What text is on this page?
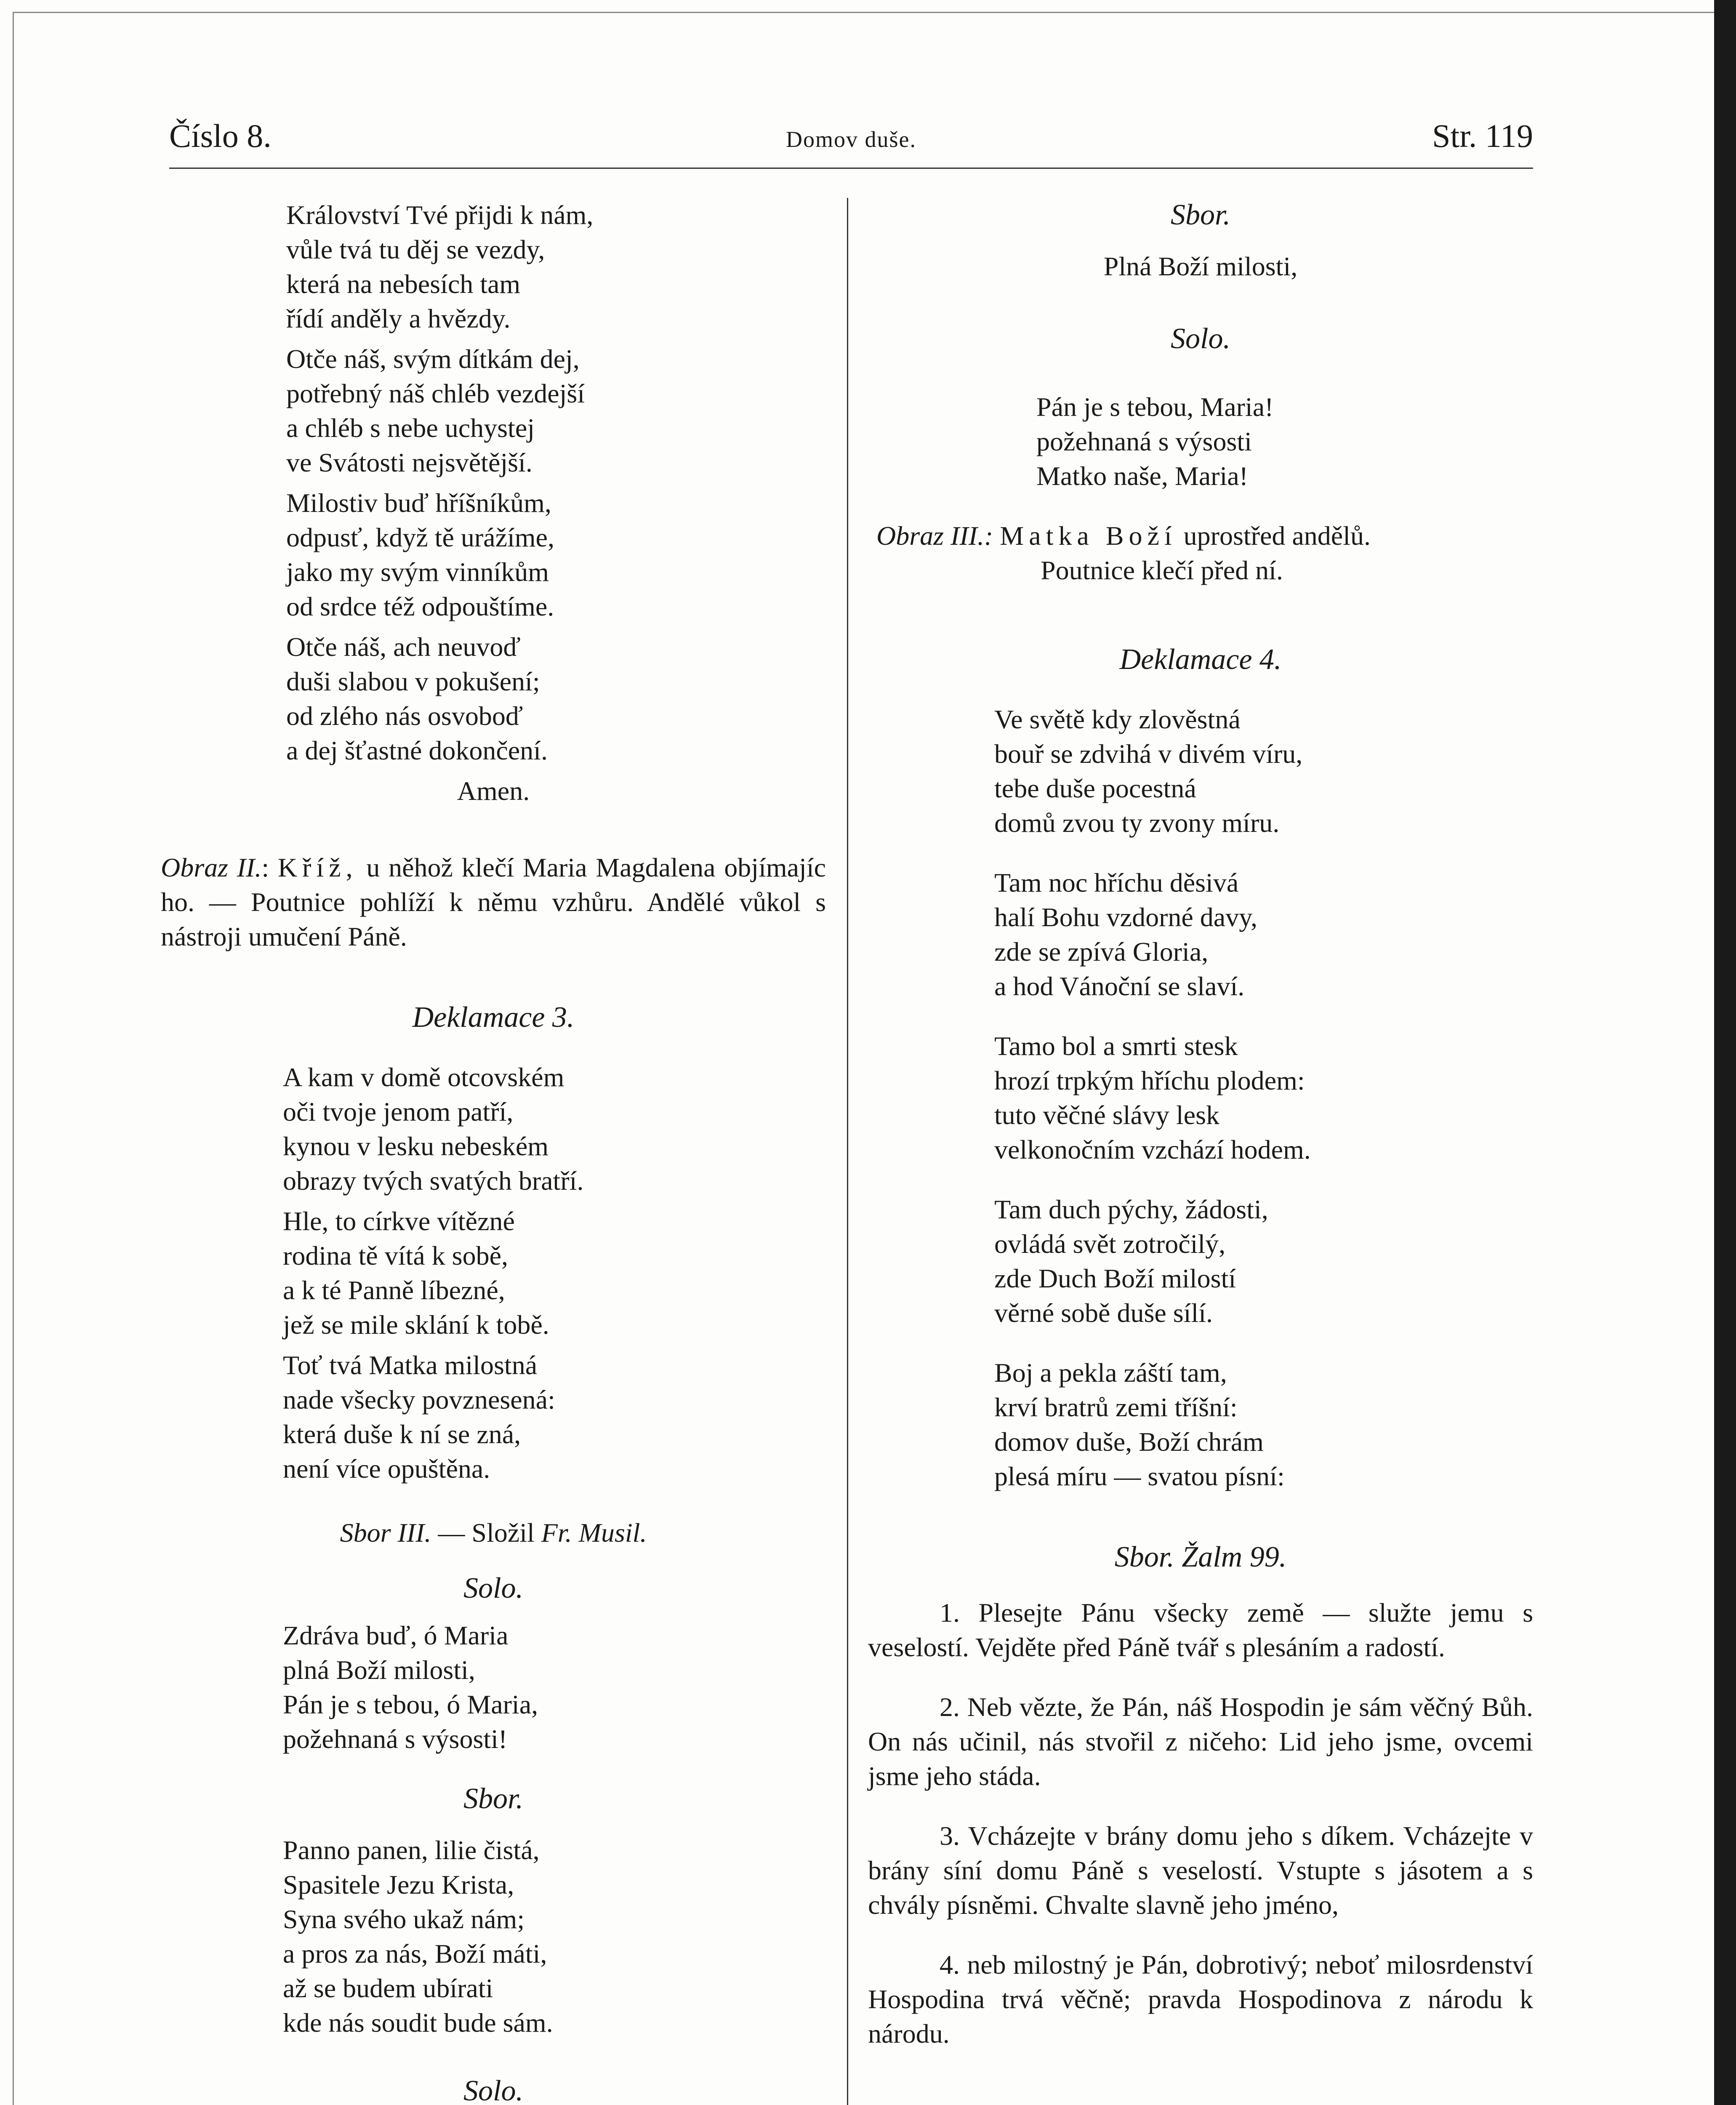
Číslo 8.	Domov duše.	Str. 119
Království Tvé přijdi k nám,
vůle tvá tu děj se vezdy,
která na nebesích tam
řídí anděly a hvězdy.
Otče náš, svým dítkám dej,
potřebný náš chléb vezdejší
a chléb s nebe uchystej
ve Svátosti nejsvětější.
Milostiv buď hříšníkům,
odpusť, když tě urážíme,
jako my svým vinníkům
od srdce též odpouštíme.
Otče náš, ach neuvoď
duši slabou v pokušení;
od zlého nás osvoboď
a dej šťastné dokončení.
Amen.
Obraz II.: Kříž, u něhož klečí Maria Magdalena objímajíc ho. — Poutnice pohlíží k němu vzhůru. Andělé vůkol s nástroji umučení Páně.
Deklamace 3.
A kam v domě otcovském
oči tvoje jenom patří,
kynou v lesku nebeském
obrazy tvých svatých bratří.
Hle, to církve vítězné
rodina tě vítá k sobě,
a k té Panně líbezné,
jež se mile sklání k tobě.
Toť tvá Matka milostná
nade všecky povznesená:
která duše k ní se zná,
není více opuštěna.
Sbor III. — Složil Fr. Musil.
Solo.
Zdráva buď, ó Maria
plná Boží milosti,
Pán je s tebou, ó Maria,
požehnaná s výsosti!
Sbor.
Panno panen, lilie čistá,
Spasitele Jezu Krista,
Syna svého ukaž nám;
a pros za nás, Boží máti,
až se budem ubírati
kde nás soudit bude sám.
Solo.
Sbor.
Plná Boží milosti,
Solo.
Pán je s tebou, Maria!
požehnaná s výsosti
Matko naše, Maria!
Obraz III.: Matka Boží uprostřed andělů.
Poutnice klečí před ní.
Deklamace 4.
Ve světě kdy zlověstná
bouř se zdvihá v divém víru,
tebe duše pocestná
domů zvou ty zvony míru.
Tam noc hříchu děsivá
halí Bohu vzdorné davy,
zde se zpívá Gloria,
a hod Vánoční se slaví.
Tamo bol a smrti stesk
hrozí trpkým hříchu plodem:
tuto věčné slávy lesk
velkonočním vzchází hodem.
Tam duch pýchy, žádosti,
ovládá svět zotročilý,
zde Duch Boží milostí
věrné sobě duše sílí.
Boj a pekla záští tam,
krví bratrů zemi tříšní:
domov duše, Boží chrám
plesá míru — svatou písní:
Sbor. Žalm 99.
1. Plesejte Pánu všecky země — služte jemu s veselostí. Vejděte před Páně tvář s plesáním a radostí.
2. Neb vězte, že Pán, náš Hospodin je sám věčný Bůh. On nás učinil, nás stvořil z ničeho: Lid jeho jsme, ovcemi jsme jeho stáda.
3. Vcházejte v brány domu jeho s díkem. Vcházejte v brány síní domu Páně s veselostí. Vstupte s jásotem a s chvály písněmi. Chvalte slavně jeho jméno,
4. neb milostný je Pán, dobrotivý; neboť milosrdenství Hospodina trvá věčně; pravda Hospodinova z národu k národu.
